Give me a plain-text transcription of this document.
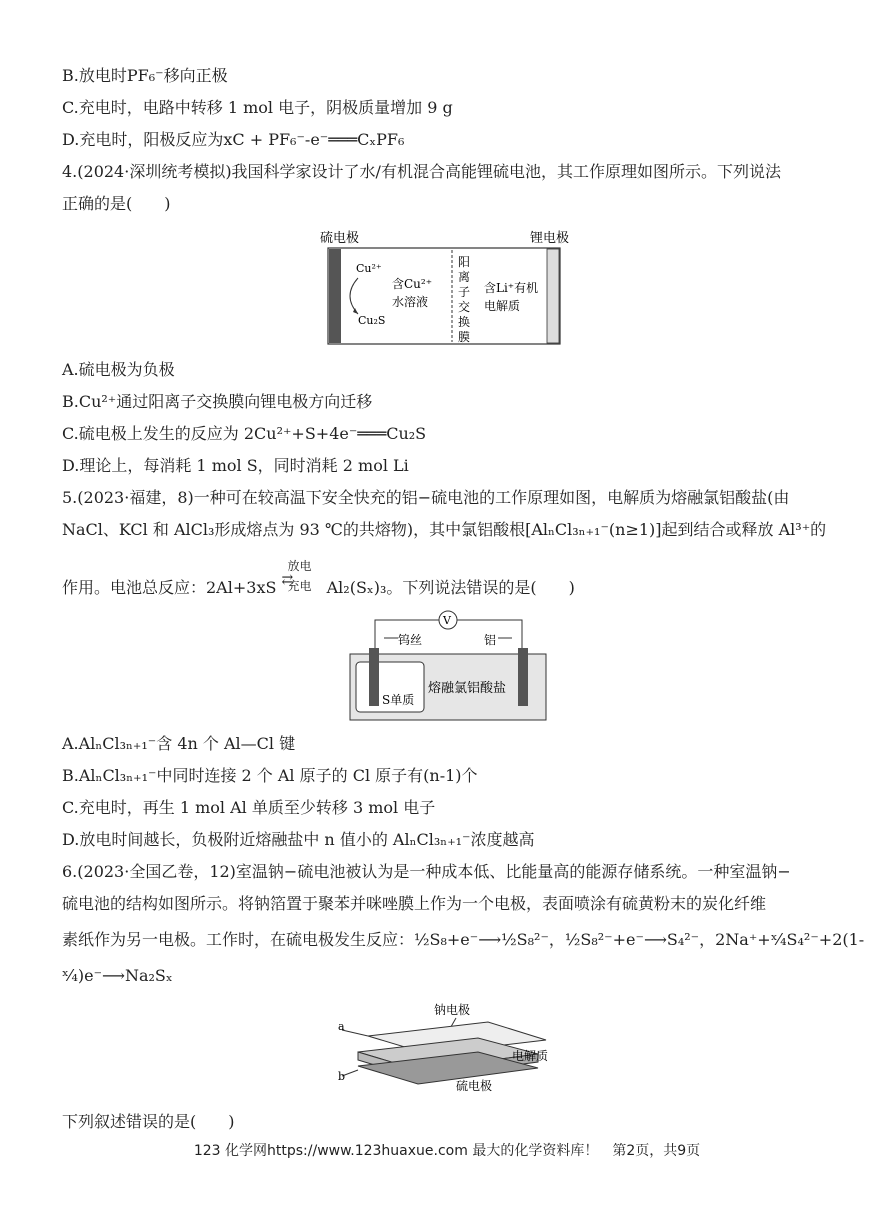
B.放电时PF₆⁻移向正极
C.充电时，电路中转移 1 mol 电子，阴极质量增加 9 g
D.充电时，阳极反应为xC + PF₆⁻-e⁻═══CₓPF₆
4.(2024·深圳统考模拟)我国科学家设计了水/有机混合高能锂硫电池，其工作原理如图所示。下列说法
正确的是(　　)
硫电极	锂电极
Cu²⁺
Cu₂S
含Cu²⁺
水溶液
阳
离
子
交
换
膜
含Li⁺有机
电解质
A.硫电极为负极
B.Cu²⁺通过阳离子交换膜向锂电极方向迁移
C.硫电极上发生的反应为 2Cu²⁺+S+4e⁻═══Cu₂S
D.理论上，每消耗 1 mol S，同时消耗 2 mol Li
5.(2023·福建，8)一种可在较高温下安全快充的铝−硫电池的工作原理如图，电解质为熔融氯铝酸盐(由
NaCl、KCl 和 AlCl₃形成熔点为 93 ℃的共熔物)，其中氯铝酸根[AlₙCl₃ₙ₊₁⁻(n≥1)]起到结合或释放 Al³⁺的
作用。电池总反应：2Al+3xS
放电
⇄
充电 Al₂(Sₓ)₃。下列说法错误的是(　　)
V
钨丝	铝
S单质
熔融氯铝酸盐
A.AlₙCl₃ₙ₊₁⁻含 4n 个 Al—Cl 键
B.AlₙCl₃ₙ₊₁⁻中同时连接 2 个 Al 原子的 Cl 原子有(n-1)个
C.充电时，再生 1 mol Al 单质至少转移 3 mol 电子
D.放电时间越长，负极附近熔融盐中 n 值小的 AlₙCl₃ₙ₊₁⁻浓度越高
6.(2023·全国乙卷，12)室温钠−硫电池被认为是一种成本低、比能量高的能源存储系统。一种室温钠−
硫电池的结构如图所示。将钠箔置于聚苯并咪唑膜上作为一个电极，表面喷涂有硫黄粉末的炭化纤维
素纸作为另一电极。工作时，在硫电极发生反应：½S₈+e⁻⟶½S₈²⁻，½S₈²⁻+e⁻⟶S₄²⁻，2Na⁺+ˣ⁄₄S₄²⁻+2(1-
ˣ⁄₄)e⁻⟶Na₂Sₓ
钠电极
a
电解质
b
硫电极
下列叙述错误的是(　　)
123 化学网https://www.123huaxue.com 最大的化学资料库！　第2页，共9页
